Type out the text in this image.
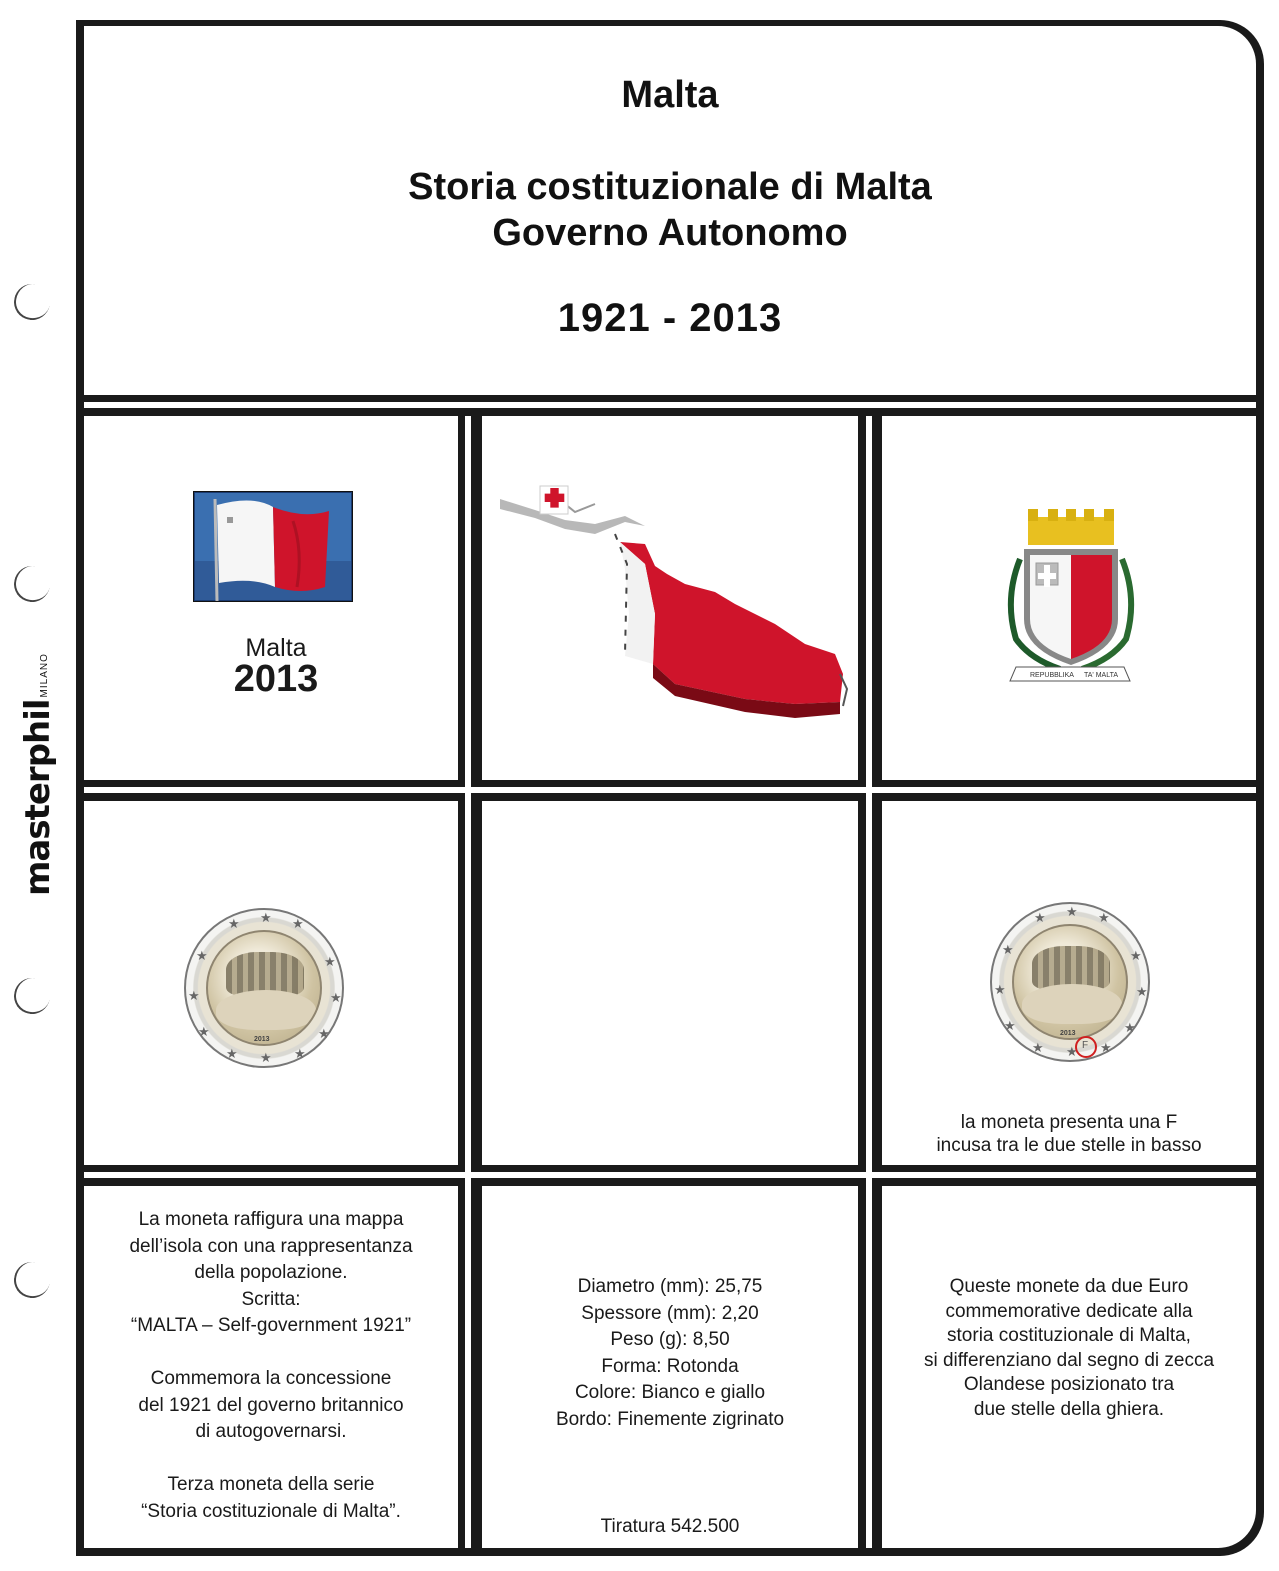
masterphilMILANO
Malta
Storia costituzionale di Malta
Governo Autonomo
1921 - 2013
Malta
2013	REPUBBLIKA TA' MALTA
★ ★
★	★
★	★
★	★
★	★
★
★
2013
★ ★ ★
★	★
★	★
★	★
★ ★ ★
2013
F
la moneta presenta una F
incusa tra le due stelle in basso
La moneta raffigura una mappa
dell’isola con una rappresentanza
della popolazione.
Scritta:
“MALTA – Self-government 1921”

Commemora la concessione
del 1921 del governo britannico
di autogovernarsi.

Terza moneta della serie
“Storia costituzionale di Malta”.
Diametro (mm): 25,75
Spessore (mm): 2,20
Peso (g): 8,50
Forma: Rotonda
Colore: Bianco e giallo
Bordo: Finemente zigrinato
Tiratura 542.500
Queste monete da due Euro
commemorative dedicate alla
storia costituzionale di Malta,
si differenziano dal segno di zecca
Olandese posizionato tra
due stelle della ghiera.
